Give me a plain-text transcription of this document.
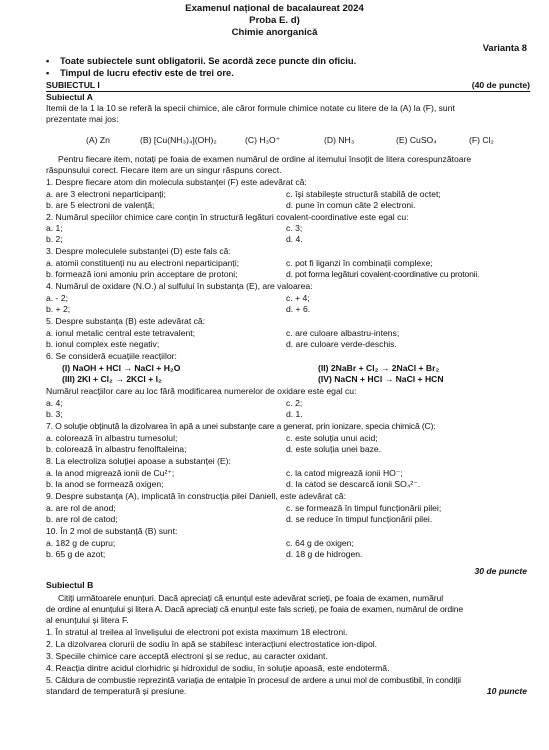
Examenul național de bacalaureat 2024
Proba E. d)
Chimie anorganică
Varianta 8
• Toate subiectele sunt obligatorii. Se acordă zece puncte din oficiu.
• Timpul de lucru efectiv este de trei ore.
SUBIECTUL I	(40 de puncte)
Subiectul A
Itemii de la 1 la 10 se referă la specii chimice, ale căror formule chimice notate cu litere de la (A) la (F), sunt
prezentate mai jos:
(A) Zn	(B) [Cu(NH₃)₄](OH)₂	(C) H₃O⁺	(D) NH₃	(E) CuSO₄	(F) Cl₂
Pentru fiecare item, notați pe foaia de examen numărul de ordine al itemului însoțit de litera corespunzătoare
răspunsului corect. Fiecare item are un singur răspuns corect.
1. Despre fiecare atom din molecula substanței (F) este adevărat că:
a. are 3 electroni neparticipanți;	c. își stabilește structură stabilă de octet;
b. are 5 electroni de valență;	d. pune în comun câte 2 electroni.
2. Numărul speciilor chimice care conțin în structură legături covalent-coordinative este egal cu:
a. 1;	c. 3;
b. 2;	d. 4.
3. Despre moleculele substanței (D) este fals că:
a. atomii constituenți nu au electroni neparticipanți;	c. pot fi liganzi în combinații complexe;
b. formează ioni amoniu prin acceptare de protoni;	d. pot forma legături covalent-coordinative cu protonii.
4. Numărul de oxidare (N.O.) al sulfului în substanța (E), are valoarea:
a. - 2;	c. + 4;
b. + 2;	d. + 6.
5. Despre substanța (B) este adevărat că:
a. ionul metalic central este tetravalent;	c. are culoare albastru-intens;
b. ionul complex este negativ;	d. are culoare verde-deschis.
6. Se consideră ecuațiile reacțiilor:
(I) NaOH + HCl → NaCl + H₂O	(II) 2NaBr + Cl₂ → 2NaCl + Br₂
(III) 2KI + Cl₂ → 2KCl + I₂	(IV) NaCN + HCl → NaCl + HCN
Numărul reacțiilor care au loc fără modificarea numerelor de oxidare este egal cu:
a. 4;	c. 2;
b. 3;	d. 1.
7. O soluție obținută la dizolvarea în apă a unei substanțe care a generat, prin ionizare, specia chimică (C):
a. colorează în albastru turnesolul;	c. este soluția unui acid;
b. colorează în albastru fenolftaleina;	d. este soluția unei baze.
8. La electroliza soluției apoase a substanței (E):
a. la anod migrează ionii de Cu²⁺;	c. la catod migrează ionii HO⁻;
b. la anod se formează oxigen;	d. la catod se descarcă ionii SO₄²⁻.
9. Despre substanța (A), implicată în construcția pilei Daniell, este adevărat că:
a. are rol de anod;	c. se formează în timpul funcționării pilei;
b. are rol de catod;	d. se reduce în timpul funcționării pilei.
10. În 2 mol de substanță (B) sunt:
a. 182 g de cupru;	c. 64 g de oxigen;
b. 65 g de azot;	d. 18 g de hidrogen.
30 de puncte
Subiectul B
Citiți următoarele enunțuri. Dacă apreciați că enunțul este adevărat scrieți, pe foaia de examen, numărul
de ordine al enunțului și litera A. Dacă apreciați că enunțul este fals scrieți, pe foaia de examen, numărul de ordine
al enunțului și litera F.
1. În stratul al treilea al învelișului de electroni pot exista maximum 18 electroni.
2. La dizolvarea clorurii de sodiu în apă se stabilesc interacțiuni electrostatice ion-dipol.
3. Speciile chimice care acceptă electroni și se reduc, au caracter oxidant.
4. Reacția dintre acidul clorhidric și hidroxidul de sodiu, în soluție apoasă, este endotermă.
5. Căldura de combustie reprezintă variația de entalpie în procesul de ardere a unui mol de combustibil, în condiții
standard de temperatură și presiune.	10 puncte
